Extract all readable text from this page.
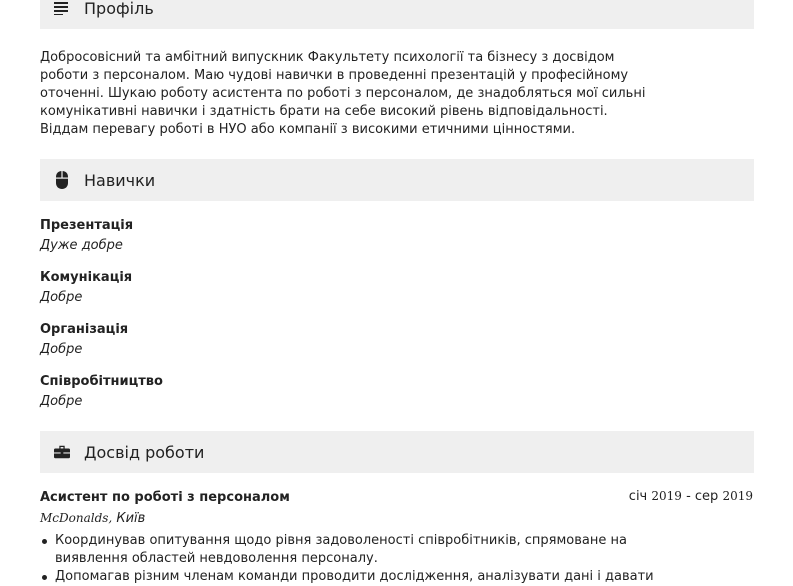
Профіль
Добросовісний та амбітний випускник Факультету психології та бізнесу з досвідом
роботи з персоналом. Маю чудові навички в проведенні презентацій у професійному
оточенні. Шукаю роботу асистента по роботі з персоналом, де знадобляться мої сильні
комунікативні навички і здатність брати на себе високий рівень відповідальності.
Віддам перевагу роботі в НУО або компанії з високими етичними цінностями.
Навички
Презентація
Дуже добре
Комунікація
Добре
Організація
Добре
Співробітництво
Добре
Досвід роботи
Асистент по роботі з персоналом	січ 2019 - сер 2019
McDonalds, Київ
Координував опитування щодо рівня задоволеності співробітників, спрямоване на
виявлення областей невдоволення персоналу.
Допомагав різним членам команди проводити дослідження, аналізувати дані і давати
